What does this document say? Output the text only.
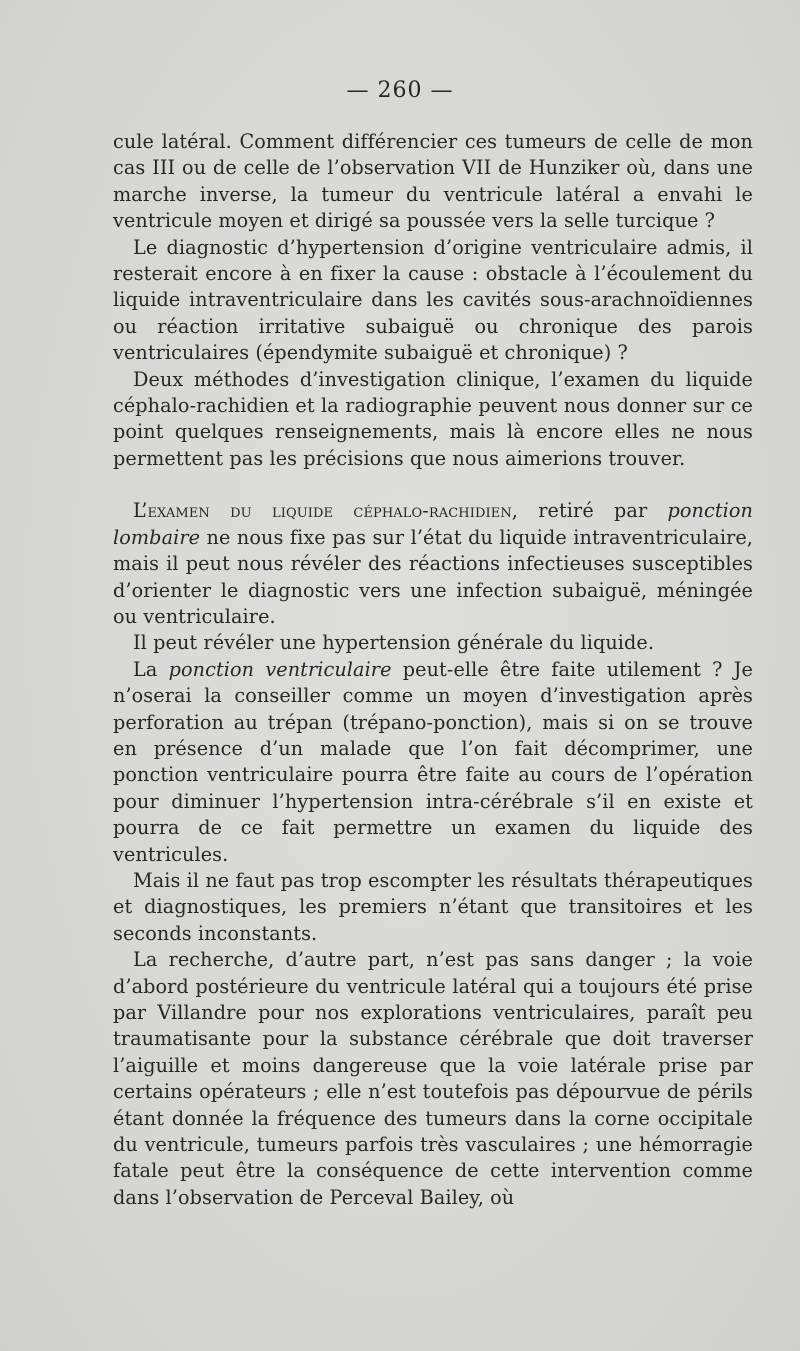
— 260 —

cule latéral. Comment différencier ces tumeurs de celle de mon cas III ou de celle de l’observation VII de Hunziker où, dans une marche inverse, la tumeur du ventricule latéral a envahi le ventricule moyen et dirigé sa poussée vers la selle turcique ?

Le diagnostic d’hypertension d’origine ventriculaire admis, il resterait encore à en fixer la cause : obstacle à l’écoulement du liquide intraventriculaire dans les cavités sous-arachnoïdiennes ou réaction irritative subaiguë ou chronique des parois ventriculaires (épendymite subaiguë et chronique) ?

Deux méthodes d’investigation clinique, l’examen du liquide céphalo-rachidien et la radiographie peuvent nous donner sur ce point quelques renseignements, mais là encore elles ne nous permettent pas les précisions que nous aimerions trouver.

L’examen du liquide céphalo-rachidien, retiré par ponction lombaire ne nous fixe pas sur l’état du liquide intraventriculaire, mais il peut nous révéler des réactions infectieuses susceptibles d’orienter le diagnostic vers une infection subaiguë, méningée ou ventriculaire.

Il peut révéler une hypertension générale du liquide.

La ponction ventriculaire peut-elle être faite utilement ? Je n’oserai la conseiller comme un moyen d’investigation après perforation au trépan (trépano-ponction), mais si on se trouve en présence d’un malade que l’on fait décomprimer, une ponction ventriculaire pourra être faite au cours de l’opération pour diminuer l’hypertension intra-cérébrale s’il en existe et pourra de ce fait permettre un examen du liquide des ventricules.

Mais il ne faut pas trop escompter les résultats thérapeutiques et diagnostiques, les premiers n’étant que transitoires et les seconds inconstants.

La recherche, d’autre part, n’est pas sans danger ; la voie d’abord postérieure du ventricule latéral qui a toujours été prise par Villandre pour nos explorations ventriculaires, paraît peu traumatisante pour la substance cérébrale que doit traverser l’aiguille et moins dangereuse que la voie latérale prise par certains opérateurs ; elle n’est toutefois pas dépourvue de périls étant donnée la fréquence des tumeurs dans la corne occipitale du ventricule, tumeurs parfois très vasculaires ; une hémorragie fatale peut être la conséquence de cette intervention comme dans l’observation de Perceval Bailey, où
